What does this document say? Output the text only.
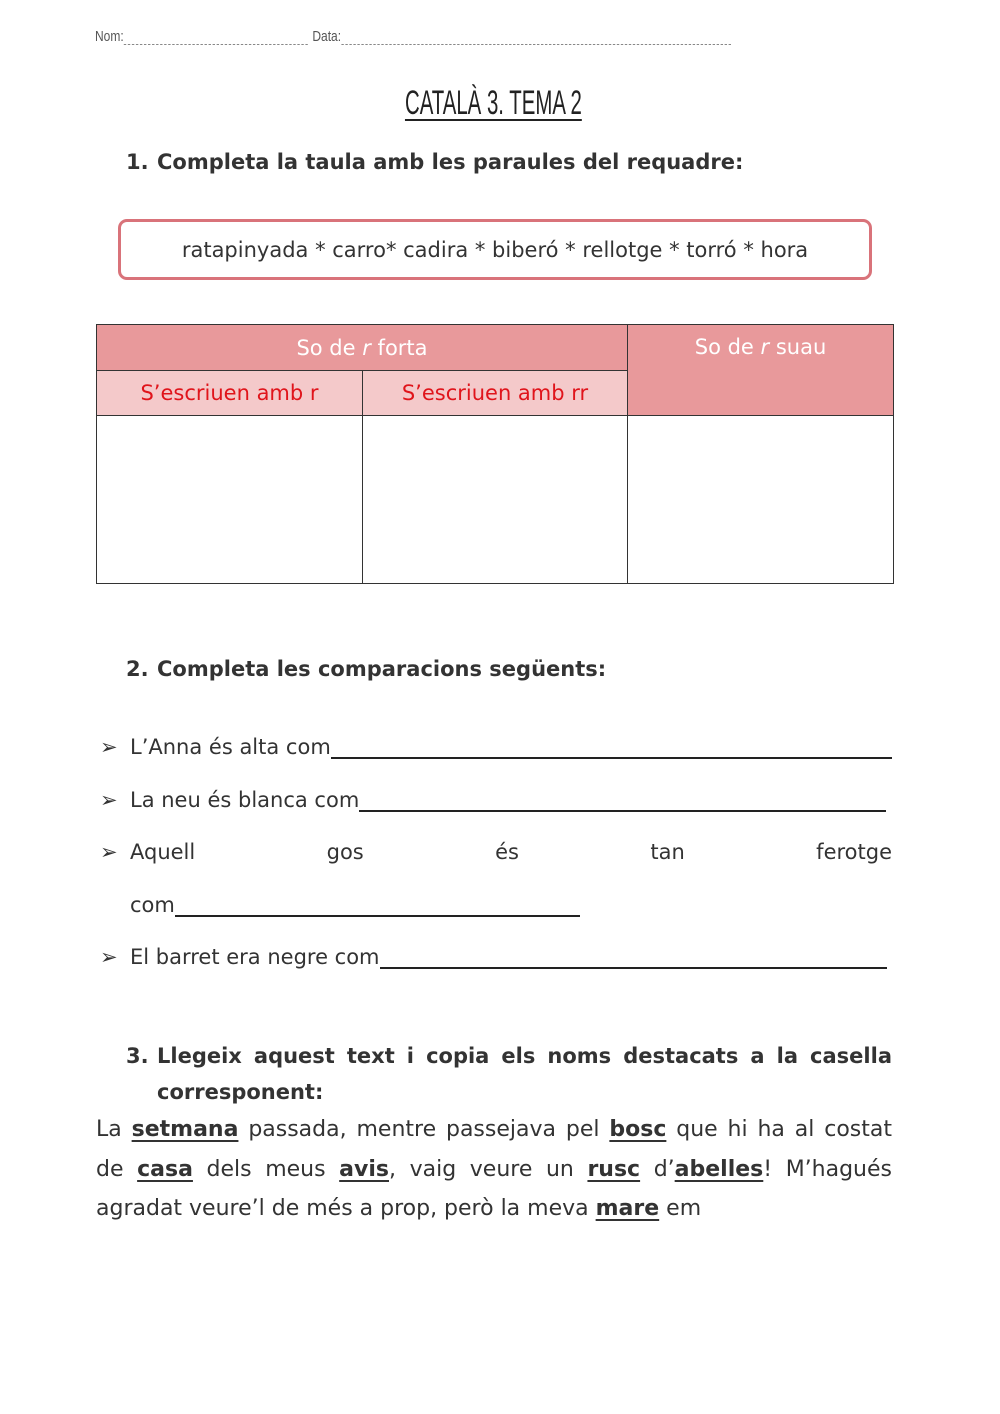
Nom:	Data:
CATALÀ 3. TEMA 2
1. Completa la taula amb les paraules del requadre:
ratapinyada * carro* cadira * biberó * rellotge * torró * hora
So de r forta		So de r suau
S’escriuen amb r	S’escriuen amb rr	

2. Completa les comparacions següents:
➢ L’Anna és alta com
➢ La neu és blanca com
➢ Aquell gos és tan ferotge
com
➢ El barret era negre com
3. Llegeix aquest text i copia els noms destacats a la casella corresponent:
La setmana passada, mentre passejava pel bosc que hi ha al costat de casa dels meus avis, vaig veure un rusc d’abelles! M’hagués agradat veure’l de més a prop, però la meva mare em
